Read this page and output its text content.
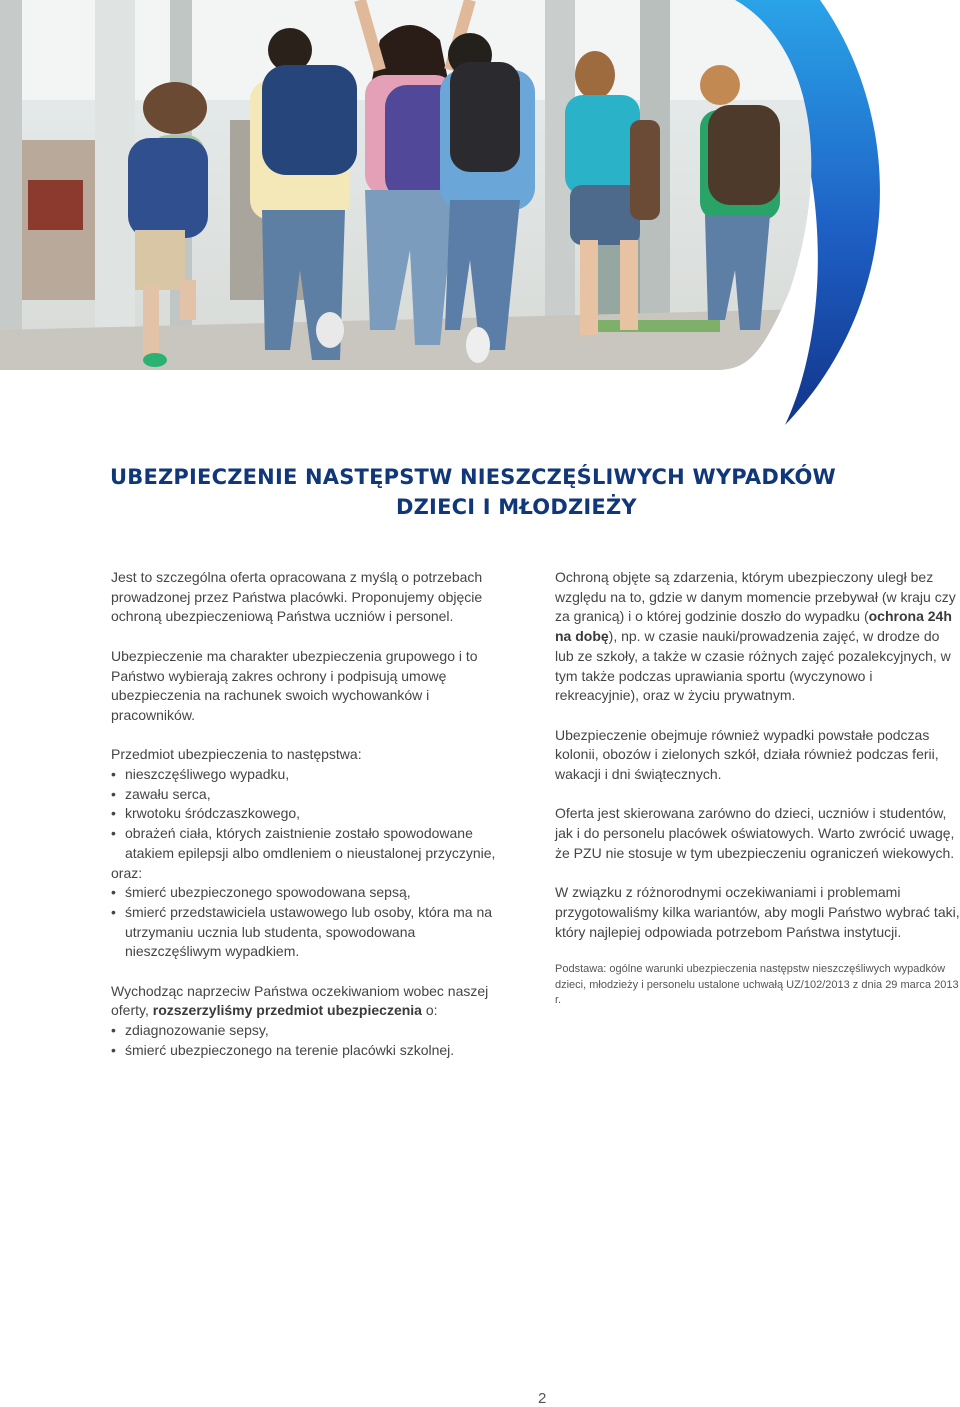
UBEZPIECZENIE NASTĘPSTW NIESZCZĘŚLIWYCH WYPADKÓW
DZIECI I MŁODZIEŻY

Jest to szczególna oferta opracowana z myślą o potrzebach prowadzonej przez Państwa placówki. Proponujemy objęcie ochroną ubezpieczeniową Państwa uczniów i personel.

Ubezpieczenie ma charakter ubezpieczenia grupowego i to Państwo wybierają zakres ochrony i podpisują umowę ubezpieczenia na rachunek swoich wychowanków i pracowników.

Przedmiot ubezpieczenia to następstwa:
• nieszczęśliwego wypadku,
• zawału serca,
• krwotoku śródczaszkowego,
• obrażeń ciała, których zaistnienie zostało spowodowane atakiem epilepsji albo omdleniem o nieustalonej przyczynie,
oraz:
• śmierć ubezpieczonego spowodowana sepsą,
• śmierć przedstawiciela ustawowego lub osoby, która ma na utrzymaniu ucznia lub studenta, spowodowana nieszczęśliwym wypadkiem.
Wychodząc naprzeciw Państwa oczekiwaniom wobec naszej oferty, rozszerzyliśmy przedmiot ubezpieczenia o:
• zdiagnozowanie sepsy,
• śmierć ubezpieczonego na terenie placówki szkolnej.

Ochroną objęte są zdarzenia, którym ubezpieczony uległ bez względu na to, gdzie w danym momencie przebywał (w kraju czy za granicą) i o której godzinie doszło do wypadku (ochrona 24h na dobę), np. w czasie nauki/prowadzenia zajęć, w drodze do lub ze szkoły, a także w czasie różnych zajęć pozalekcyjnych, w tym także podczas uprawiania sportu (wyczynowo i rekreacyjnie), oraz w życiu prywatnym.

Ubezpieczenie obejmuje również wypadki powstałe podczas kolonii, obozów i zielonych szkół, działa również podczas ferii, wakacji i dni świątecznych.

Oferta jest skierowana zarówno do dzieci, uczniów i studentów, jak i do personelu placówek oświatowych. Warto zwrócić uwagę, że PZU nie stosuje w tym ubezpieczeniu ograniczeń wiekowych.

W związku z różnorodnymi oczekiwaniami i problemami przygotowaliśmy kilka wariantów, aby mogli Państwo wybrać taki, który najlepiej odpowiada potrzebom Państwa instytucji.

Podstawa: ogólne warunki ubezpieczenia następstw nieszczęśliwych wypadków dzieci, młodzieży i personelu ustalone uchwałą UZ/102/2013 z dnia 29 marca 2013 r.
2
